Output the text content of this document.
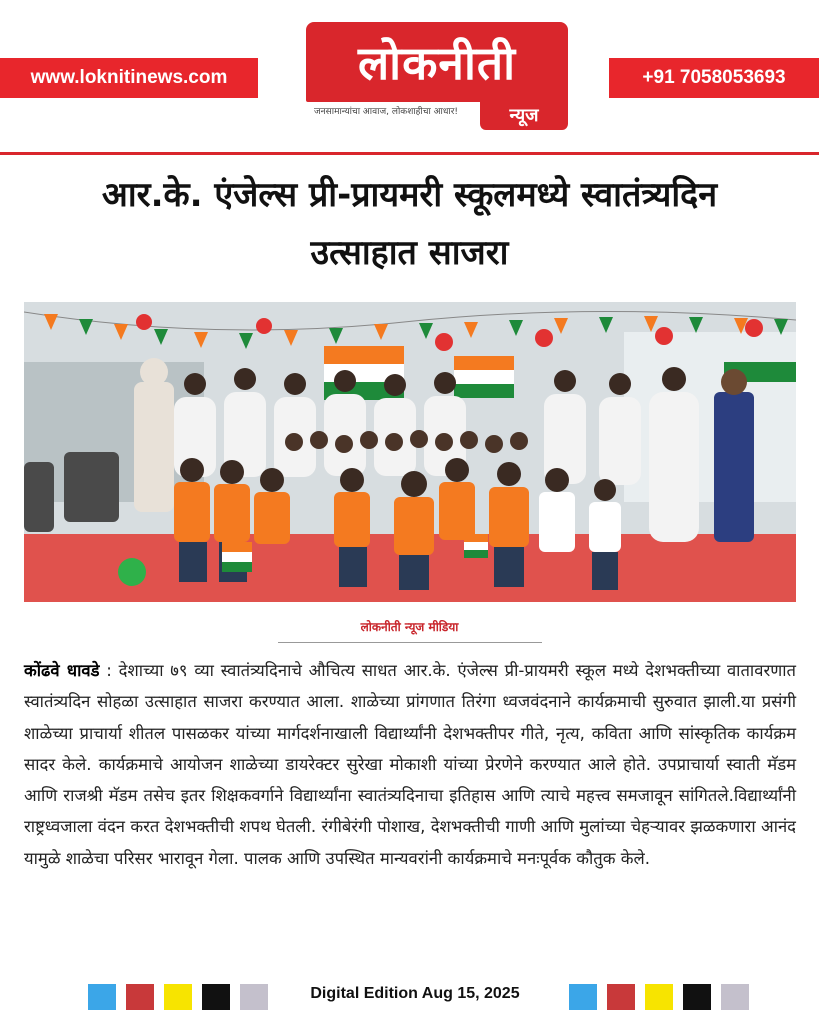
www.loknitinews.com	लोकनीती
जनसामान्यांचा आवाज, लोकशाहीचा आधार!	न्यूज
+91 7058053693
आर.के. एंजेल्स प्री-प्रायमरी स्कूलमध्ये स्वातंत्र्यदिन
उत्साहात साजरा
लोकनीती न्यूज मीडिया
कोंढवे धावडे : देशाच्या ७९ व्या स्वातंत्र्यदिनाचे औचित्य साधत आर.के. एंजेल्स प्री-प्रायमरी स्कूल मध्ये देशभक्तीच्या वातावरणात स्वातंत्र्यदिन सोहळा उत्साहात साजरा करण्यात आला. शाळेच्या प्रांगणात तिरंगा ध्वजवंदनाने कार्यक्रमाची सुरुवात झाली.या प्रसंगी शाळेच्या प्राचार्या शीतल पासळकर यांच्या मार्गदर्शनाखाली विद्यार्थ्यांनी देशभक्तीपर गीते, नृत्य, कविता आणि सांस्कृतिक कार्यक्रम सादर केले. कार्यक्रमाचे आयोजन शाळेच्या डायरेक्टर सुरेखा मोकाशी यांच्या प्रेरणेने करण्यात आले होते. उपप्राचार्या स्वाती मॅडम आणि राजश्री मॅडम तसेच इतर शिक्षकवर्गाने विद्यार्थ्यांना स्वातंत्र्यदिनाचा इतिहास आणि त्याचे महत्त्व समजावून सांगितले.विद्यार्थ्यांनी राष्ट्रध्वजाला वंदन करत देशभक्तीची शपथ घेतली. रंगीबेरंगी पोशाख, देशभक्तीची गाणी आणि मुलांच्या चेहऱ्यावर झळकणारा आनंद यामुळे शाळेचा परिसर भारावून गेला. पालक आणि उपस्थित मान्यवरांनी कार्यक्रमाचे मनःपूर्वक कौतुक केले.
Digital Edition Aug 15, 2025
